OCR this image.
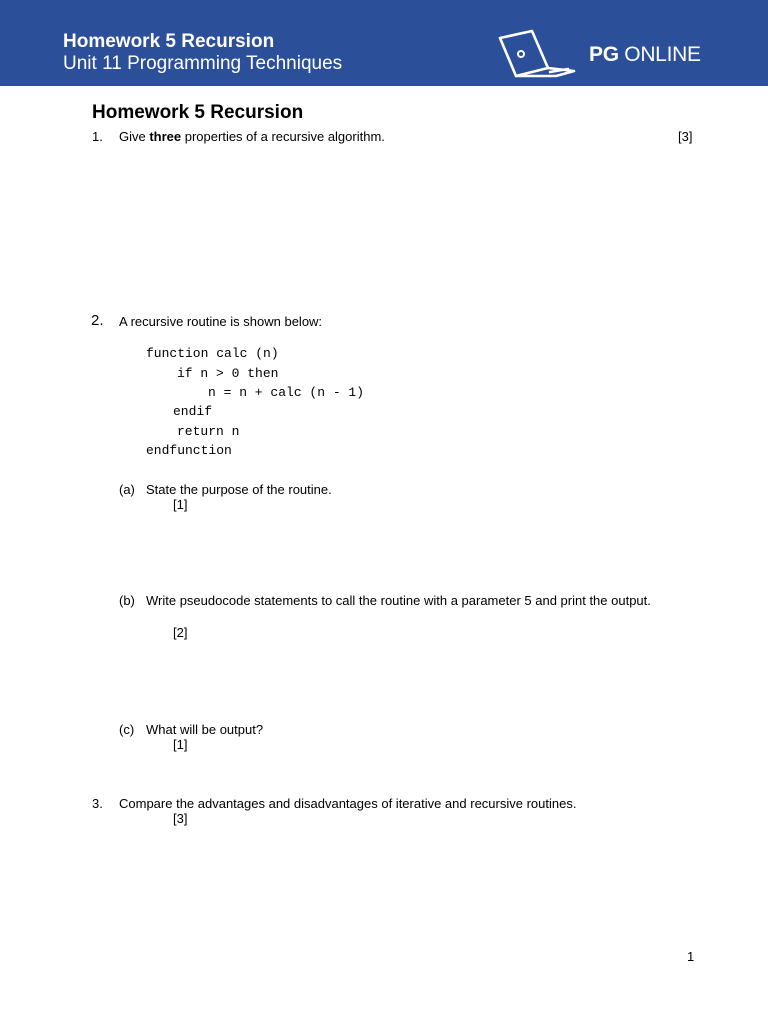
Homework 5 Recursion
Unit 11 Programming Techniques	PG ONLINE
Homework 5 Recursion
1. Give three properties of a recursive algorithm.	[3]
2. A recursive routine is shown below:
function calc (n)
if n > 0 then
n = n + calc (n - 1)
endif
return n
endfunction
(a) State the purpose of the routine.
[1]
(b) Write pseudocode statements to call the routine with a parameter 5 and print the output.
[2]
(c) What will be output?
[1]
3. Compare the advantages and disadvantages of iterative and recursive routines.
[3]
1
